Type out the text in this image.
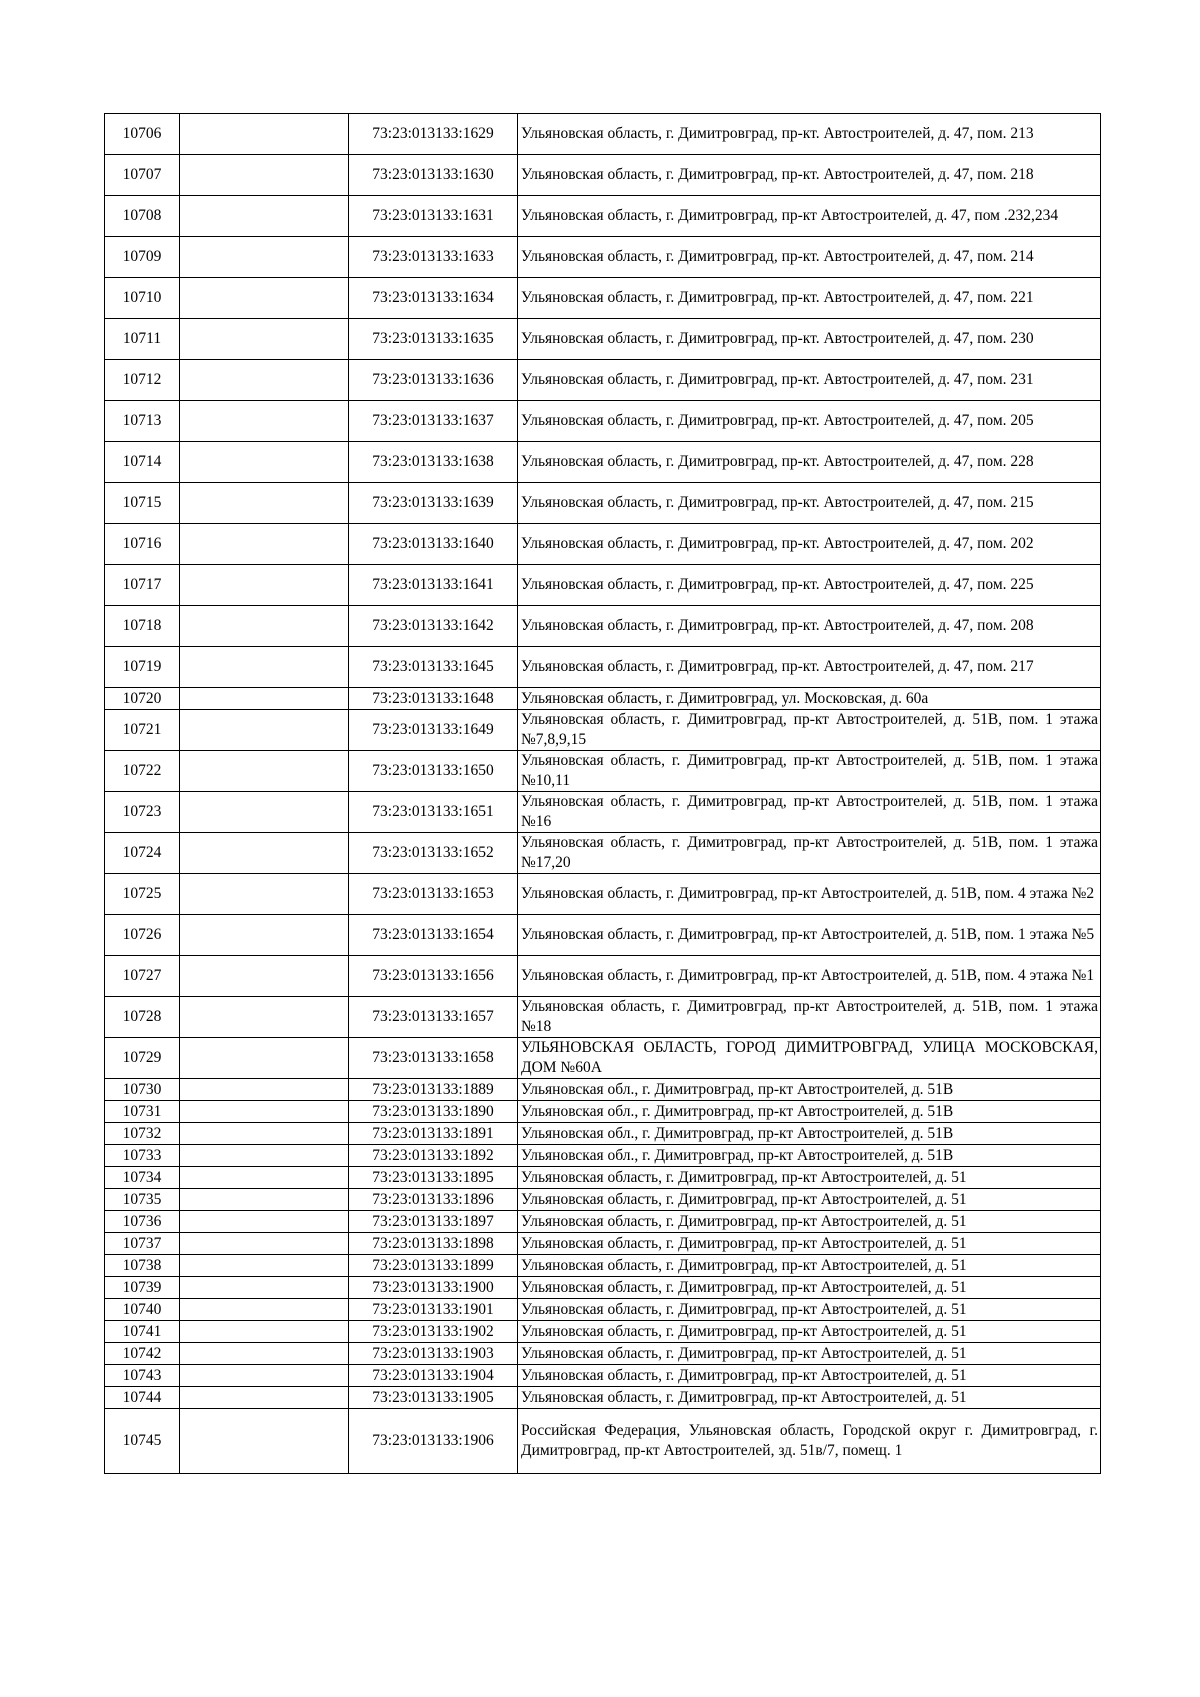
10706		73:23:013133:1629	Ульяновская область, г. Димитровград, пр-кт. Автостроителей, д. 47, пом. 213
10707		73:23:013133:1630	Ульяновская область, г. Димитровград, пр-кт. Автостроителей, д. 47, пом. 218
10708		73:23:013133:1631	Ульяновская область, г. Димитровград, пр-кт Автостроителей, д. 47, пом .232,234
10709		73:23:013133:1633	Ульяновская область, г. Димитровград, пр-кт. Автостроителей, д. 47, пом. 214
10710		73:23:013133:1634	Ульяновская область, г. Димитровград, пр-кт. Автостроителей, д. 47, пом. 221
10711		73:23:013133:1635	Ульяновская область, г. Димитровград, пр-кт. Автостроителей, д. 47, пом. 230
10712		73:23:013133:1636	Ульяновская область, г. Димитровград, пр-кт. Автостроителей, д. 47, пом. 231
10713		73:23:013133:1637	Ульяновская область, г. Димитровград, пр-кт. Автостроителей, д. 47, пом. 205
10714		73:23:013133:1638	Ульяновская область, г. Димитровград, пр-кт. Автостроителей, д. 47, пом. 228
10715		73:23:013133:1639	Ульяновская область, г. Димитровград, пр-кт. Автостроителей, д. 47, пом. 215
10716		73:23:013133:1640	Ульяновская область, г. Димитровград, пр-кт. Автостроителей, д. 47, пом. 202
10717		73:23:013133:1641	Ульяновская область, г. Димитровград, пр-кт. Автостроителей, д. 47, пом. 225
10718		73:23:013133:1642	Ульяновская область, г. Димитровград, пр-кт. Автостроителей, д. 47, пом. 208
10719		73:23:013133:1645	Ульяновская область, г. Димитровград, пр-кт. Автостроителей, д. 47, пом. 217
10720		73:23:013133:1648	Ульяновская область, г. Димитровград, ул. Московская, д. 60а
10721		73:23:013133:1649	Ульяновская область, г. Димитровград, пр-кт Автостроителей, д. 51В, пом. 1 этажа №7,8,9,15
10722		73:23:013133:1650	Ульяновская область, г. Димитровград, пр-кт Автостроителей, д. 51В, пом. 1 этажа №10,11
10723		73:23:013133:1651	Ульяновская область, г. Димитровград, пр-кт Автостроителей, д. 51В, пом. 1 этажа №16
10724		73:23:013133:1652	Ульяновская область, г. Димитровград, пр-кт Автостроителей, д. 51В, пом. 1 этажа №17,20
10725		73:23:013133:1653	Ульяновская область, г. Димитровград, пр-кт Автостроителей, д. 51В, пом. 4 этажа №2
10726		73:23:013133:1654	Ульяновская область, г. Димитровград, пр-кт Автостроителей, д. 51В, пом. 1 этажа №5
10727		73:23:013133:1656	Ульяновская область, г. Димитровград, пр-кт Автостроителей, д. 51В, пом. 4 этажа №1
10728		73:23:013133:1657	Ульяновская область, г. Димитровград, пр-кт Автостроителей, д. 51В, пом. 1 этажа №18
10729		73:23:013133:1658	УЛЬЯНОВСКАЯ ОБЛАСТЬ, ГОРОД ДИМИТРОВГРАД, УЛИЦА МОСКОВСКАЯ, ДОМ №60А
10730		73:23:013133:1889	Ульяновская обл., г. Димитровград, пр-кт Автостроителей, д. 51В
10731		73:23:013133:1890	Ульяновская обл., г. Димитровград, пр-кт Автостроителей, д. 51В
10732		73:23:013133:1891	Ульяновская обл., г. Димитровград, пр-кт Автостроителей, д. 51В
10733		73:23:013133:1892	Ульяновская обл., г. Димитровград, пр-кт Автостроителей, д. 51В
10734		73:23:013133:1895	Ульяновская область, г. Димитровград, пр-кт Автостроителей, д. 51
10735		73:23:013133:1896	Ульяновская область, г. Димитровград, пр-кт Автостроителей, д. 51
10736		73:23:013133:1897	Ульяновская область, г. Димитровград, пр-кт Автостроителей, д. 51
10737		73:23:013133:1898	Ульяновская область, г. Димитровград, пр-кт Автостроителей, д. 51
10738		73:23:013133:1899	Ульяновская область, г. Димитровград, пр-кт Автостроителей, д. 51
10739		73:23:013133:1900	Ульяновская область, г. Димитровград, пр-кт Автостроителей, д. 51
10740		73:23:013133:1901	Ульяновская область, г. Димитровград, пр-кт Автостроителей, д. 51
10741		73:23:013133:1902	Ульяновская область, г. Димитровград, пр-кт Автостроителей, д. 51
10742		73:23:013133:1903	Ульяновская область, г. Димитровград, пр-кт Автостроителей, д. 51
10743		73:23:013133:1904	Ульяновская область, г. Димитровград, пр-кт Автостроителей, д. 51
10744		73:23:013133:1905	Ульяновская область, г. Димитровград, пр-кт Автостроителей, д. 51
10745		73:23:013133:1906	Российская Федерация, Ульяновская область, Городской округ г. Димитровград, г. Димитровград, пр-кт Автостроителей, зд. 51в/7, помещ. 1
